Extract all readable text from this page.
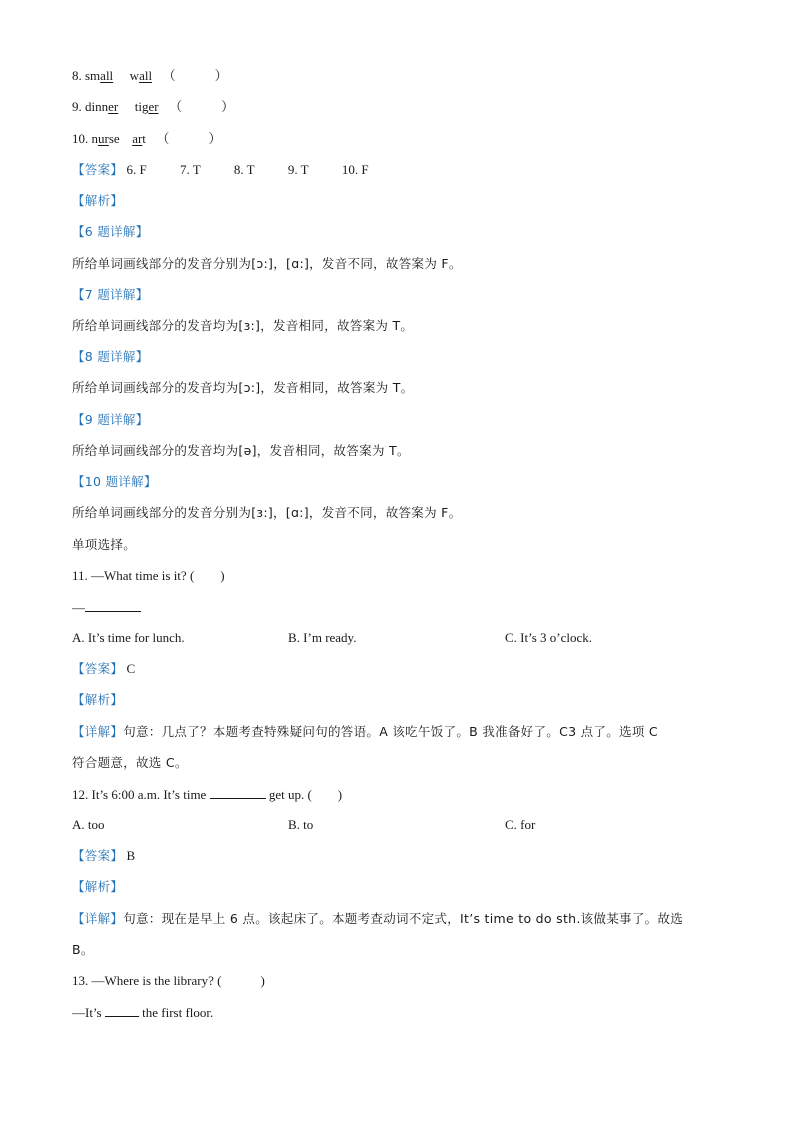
8. small wall （　　　）
9. dinner tiger （　　　）
10. nurse art （　　　）
【答案】 6. F	7. T	8. T	9. T	10. F
【解析】
【6 题详解】
所给单词画线部分的发音分别为[ɔ:]，[ɑ:]，发音不同，故答案为 F。
【7 题详解】
所给单词画线部分的发音均为[ɜ:]，发音相同，故答案为 T。
【8 题详解】
所给单词画线部分的发音均为[ɔ:]，发音相同，故答案为 T。
【9 题详解】
所给单词画线部分的发音均为[ə]，发音相同，故答案为 T。
【10 题详解】
所给单词画线部分的发音分别为[ɜ:]，[ɑ:]，发音不同，故答案为 F。
单项选择。
11. —What time is it? (　　)
—
A. It’s time for lunch.	B. I’m ready.	C. It’s 3 o’clock.
【答案】 C
【解析】
【详解】句意：几点了？本题考查特殊疑问句的答语。A 该吃午饭了。B 我准备好了。C3 点了。选项 C
符合题意，故选 C。
12. It’s 6:00 a.m. It’s time	get up. (　　)
A. too	B. to	C. for
【答案】 B
【解析】
【详解】句意：现在是早上 6 点。该起床了。本题考查动词不定式，It’s time to do sth.该做某事了。故选
B。
13. —Where is the library? (　　　)
—It’s	the first floor.
